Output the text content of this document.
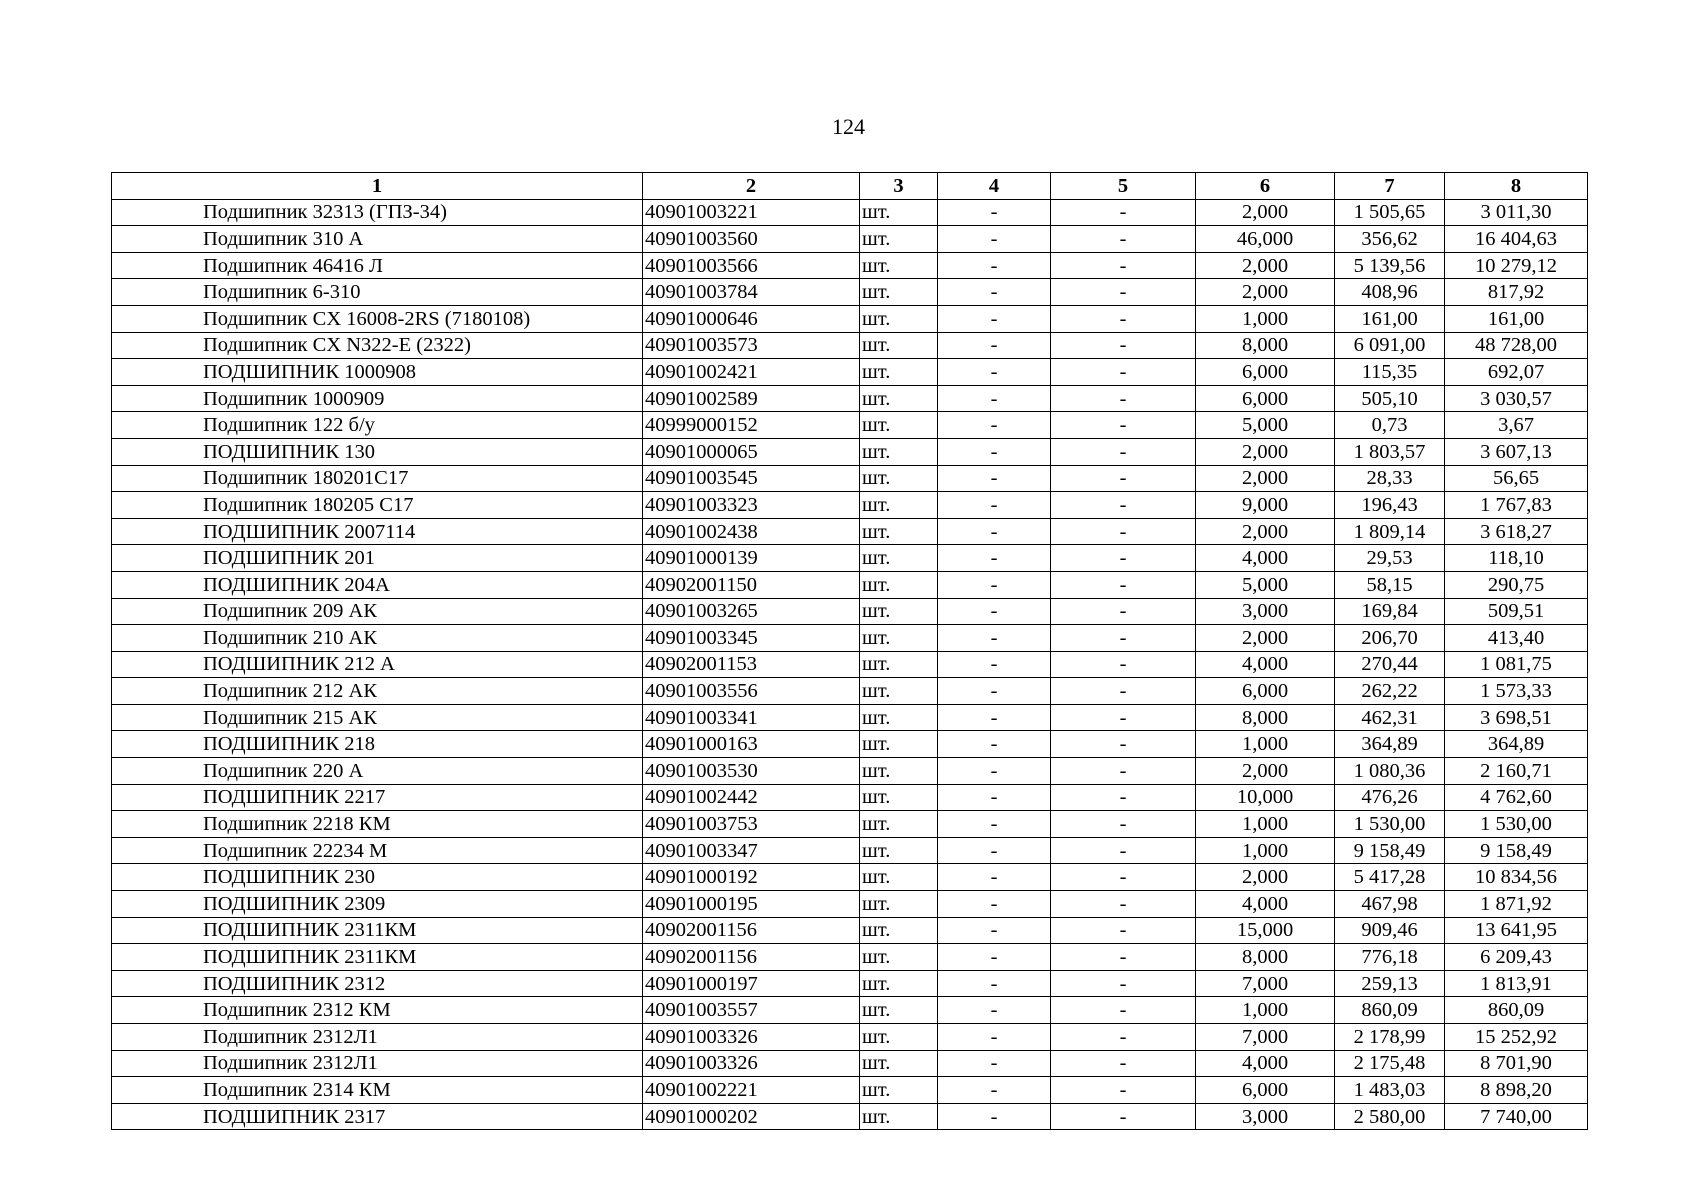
124
1	2	3	4	5	6	7	8
Подшипник 32313 (ГПЗ-34)	40901003221	шт.	-	-	2,000	1 505,65	3 011,30
Подшипник 310 А	40901003560	шт.	-	-	46,000	356,62	16 404,63
Подшипник 46416 Л	40901003566	шт.	-	-	2,000	5 139,56	10 279,12
Подшипник 6-310	40901003784	шт.	-	-	2,000	408,96	817,92
Подшипник CX 16008-2RS (7180108)	40901000646	шт.	-	-	1,000	161,00	161,00
Подшипник CX N322-E (2322)	40901003573	шт.	-	-	8,000	6 091,00	48 728,00
ПОДШИПНИК 1000908	40901002421	шт.	-	-	6,000	115,35	692,07
Подшипник 1000909	40901002589	шт.	-	-	6,000	505,10	3 030,57
Подшипник 122 б/у	40999000152	шт.	-	-	5,000	0,73	3,67
ПОДШИПНИК 130	40901000065	шт.	-	-	2,000	1 803,57	3 607,13
Подшипник 180201С17	40901003545	шт.	-	-	2,000	28,33	56,65
Подшипник 180205 С17	40901003323	шт.	-	-	9,000	196,43	1 767,83
ПОДШИПНИК 2007114	40901002438	шт.	-	-	2,000	1 809,14	3 618,27
ПОДШИПНИК 201	40901000139	шт.	-	-	4,000	29,53	118,10
ПОДШИПНИК 204А	40902001150	шт.	-	-	5,000	58,15	290,75
Подшипник 209 АК	40901003265	шт.	-	-	3,000	169,84	509,51
Подшипник 210 АК	40901003345	шт.	-	-	2,000	206,70	413,40
ПОДШИПНИК 212 А	40902001153	шт.	-	-	4,000	270,44	1 081,75
Подшипник 212 АК	40901003556	шт.	-	-	6,000	262,22	1 573,33
Подшипник 215 АК	40901003341	шт.	-	-	8,000	462,31	3 698,51
ПОДШИПНИК 218	40901000163	шт.	-	-	1,000	364,89	364,89
Подшипник 220 А	40901003530	шт.	-	-	2,000	1 080,36	2 160,71
ПОДШИПНИК 2217	40901002442	шт.	-	-	10,000	476,26	4 762,60
Подшипник 2218 КМ	40901003753	шт.	-	-	1,000	1 530,00	1 530,00
Подшипник 22234 М	40901003347	шт.	-	-	1,000	9 158,49	9 158,49
ПОДШИПНИК 230	40901000192	шт.	-	-	2,000	5 417,28	10 834,56
ПОДШИПНИК 2309	40901000195	шт.	-	-	4,000	467,98	1 871,92
ПОДШИПНИК 2311КМ	40902001156	шт.	-	-	15,000	909,46	13 641,95
ПОДШИПНИК 2311КМ	40902001156	шт.	-	-	8,000	776,18	6 209,43
ПОДШИПНИК 2312	40901000197	шт.	-	-	7,000	259,13	1 813,91
Подшипник 2312 КМ	40901003557	шт.	-	-	1,000	860,09	860,09
Подшипник 2312Л1	40901003326	шт.	-	-	7,000	2 178,99	15 252,92
Подшипник 2312Л1	40901003326	шт.	-	-	4,000	2 175,48	8 701,90
Подшипник 2314 КМ	40901002221	шт.	-	-	6,000	1 483,03	8 898,20
ПОДШИПНИК 2317	40901000202	шт.	-	-	3,000	2 580,00	7 740,00
